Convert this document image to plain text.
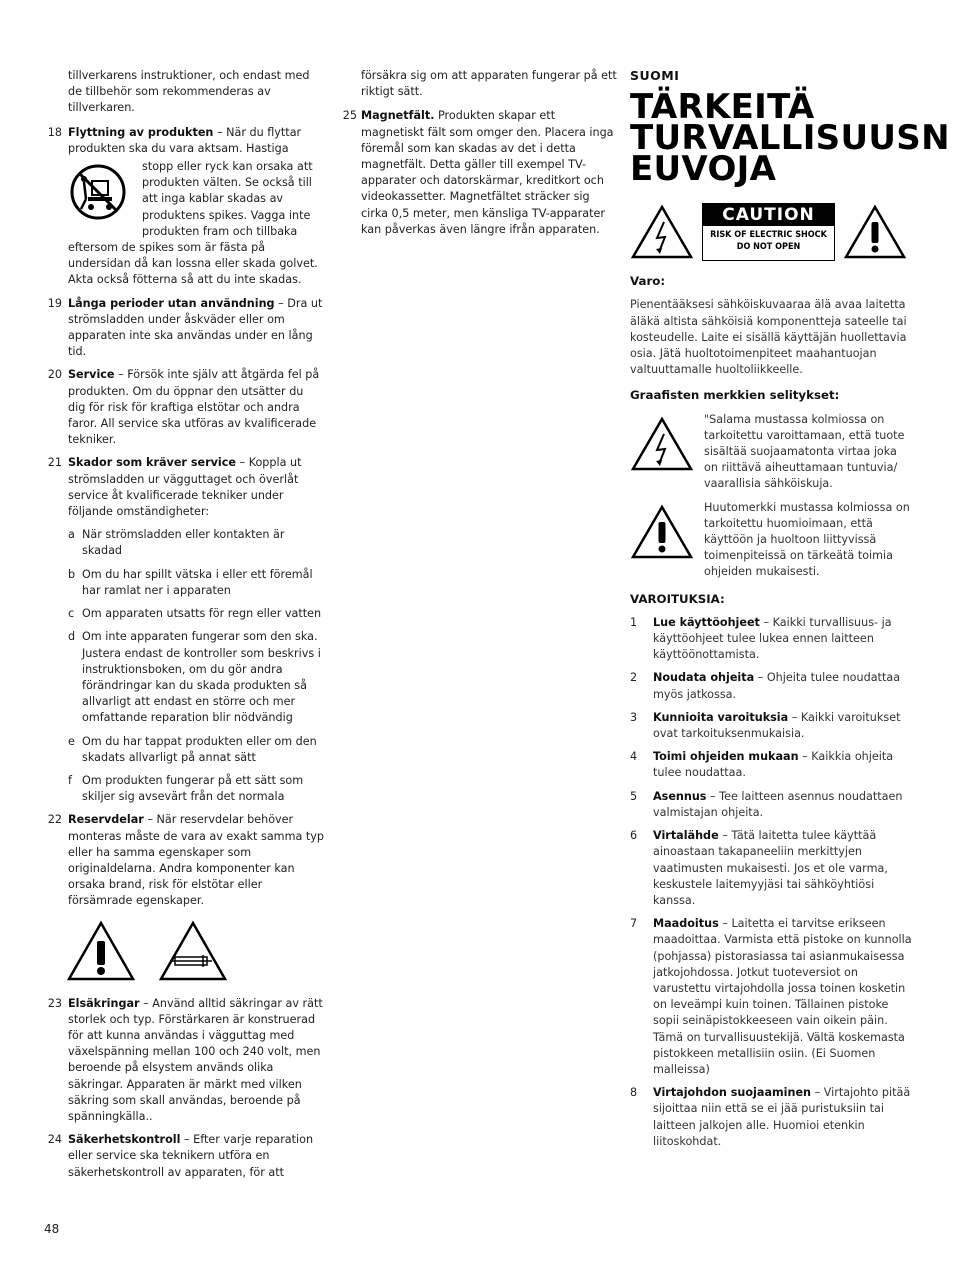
tillverkarens instruktioner, och endast med de tillbehör som rekommenderas av tillverkaren.
18 Flyttning av produkten – När du flyttar produkten ska du vara aktsam. Hastiga
stopp eller ryck kan orsaka att produkten välten. Se också till att inga kablar skadas av produktens spikes. Vagga inte produkten fram och tillbaka
eftersom de spikes som är fästa på undersidan då kan lossna eller skada golvet. Akta också fötterna så att du inte skadas.
19 Långa perioder utan användning – Dra ut strömsladden under åskväder eller om apparaten inte ska användas under en lång tid.
20 Service – Försök inte själv att åtgärda fel på produkten. Om du öppnar den utsätter du dig för risk för kraftiga elstötar och andra faror. All service ska utföras av kvalificerade tekniker.
21 Skador som kräver service – Koppla ut strömsladden ur vägguttaget och överlåt service åt kvalificerade tekniker under följande omständigheter:
a När strömsladden eller kontakten är skadad
b Om du har spillt vätska i eller ett föremål har ramlat ner i apparaten
c Om apparaten utsatts för regn eller vatten
d Om inte apparaten fungerar som den ska. Justera endast de kontroller som beskrivs i instruktionsboken, om du gör andra förändringar kan du skada produkten så allvarligt att endast en större och mer omfattande reparation blir nödvändig
e Om du har tappat produkten eller om den skadats allvarligt på annat sätt
f Om produkten fungerar på ett sätt som skiljer sig avsevärt från det normala
22 Reservdelar – När reservdelar behöver monteras måste de vara av exakt samma typ eller ha samma egenskaper som originaldelarna. Andra komponenter kan orsaka brand, risk för elstötar eller försämrade egenskaper.
23 Elsäkringar – Använd alltid säkringar av rätt storlek och typ. Förstärkaren är konstruerad för att kunna användas i vägguttag med växelspänning mellan 100 och 240 volt, men beroende på elsystem används olika säkringar. Apparaten är märkt med vilken säkring som skall användas, beroende på spänningkälla..
24 Säkerhetskontroll – Efter varje reparation eller service ska teknikern utföra en säkerhetskontroll av apparaten, för att
försäkra sig om att apparaten fungerar på ett riktigt sätt.
25 Magnetfält. Produkten skapar ett magnetiskt fält som omger den. Placera inga föremål som kan skadas av det i detta magnetfält. Detta gäller till exempel TV-apparater och datorskärmar, kreditkort och videokassetter. Magnetfältet sträcker sig cirka 0,5 meter, men känsliga TV-apparater kan påverkas även längre ifrån apparaten.
SUOMI
TÄRKEITÄ TURVALLISUUSN EUVOJA
CAUTION
RISK OF ELECTRIC SHOCK
DO NOT OPEN
Varo:
Pienentääksesi sähköiskuvaaraa älä avaa laitetta äläkä altista sähköisiä komponentteja sateelle tai kosteudelle. Laite ei sisällä käyttäjän huollettavia osia. Jätä huoltotoimenpiteet maahantuojan valtuuttamalle huoltoliikkeelle.
Graafisten merkkien selitykset:
"Salama mustassa kolmiossa on tarkoitettu varoittamaan, että tuote sisältää suojaamatonta virtaa joka on riittävä aiheuttamaan tuntuvia/ vaarallisia sähköiskuja.
Huutomerkki mustassa kolmiossa on tarkoitettu huomioimaan, että käyttöön ja huoltoon liittyvissä toimenpiteissä on tärkeätä toimia ohjeiden mukaisesti.
VAROITUKSIA:
1 Lue käyttöohjeet – Kaikki turvallisuus- ja käyttöohjeet tulee lukea ennen laitteen käyttöönottamista.
2 Noudata ohjeita – Ohjeita tulee noudattaa myös jatkossa.
3 Kunnioita varoituksia – Kaikki varoitukset ovat tarkoituksenmukaisia.
4 Toimi ohjeiden mukaan – Kaikkia ohjeita tulee noudattaa.
5 Asennus – Tee laitteen asennus noudattaen valmistajan ohjeita.
6 Virtalähde – Tätä laitetta tulee käyttää ainoastaan takapaneeliin merkittyjen vaatimusten mukaisesti. Jos et ole varma, keskustele laitemyyjäsi tai sähköyhtiösi kanssa.
7 Maadoitus – Laitetta ei tarvitse erikseen maadoittaa. Varmista että pistoke on kunnolla (pohjassa) pistorasiassa tai asianmukaisessa jatkojohdossa. Jotkut tuoteversiot on varustettu virtajohdolla jossa toinen kosketin on leveämpi kuin toinen. Tällainen pistoke sopii seinäpistokkeeseen vain oikein päin. Tämä on turvallisuustekijä. Vältä koskemasta pistokkeen metallisiin osiin. (Ei Suomen malleissa)
8 Virtajohdon suojaaminen – Virtajohto pitää sijoittaa niin että se ei jää puristuksiin tai laitteen jalkojen alle. Huomioi etenkin liitoskohdat.
48
